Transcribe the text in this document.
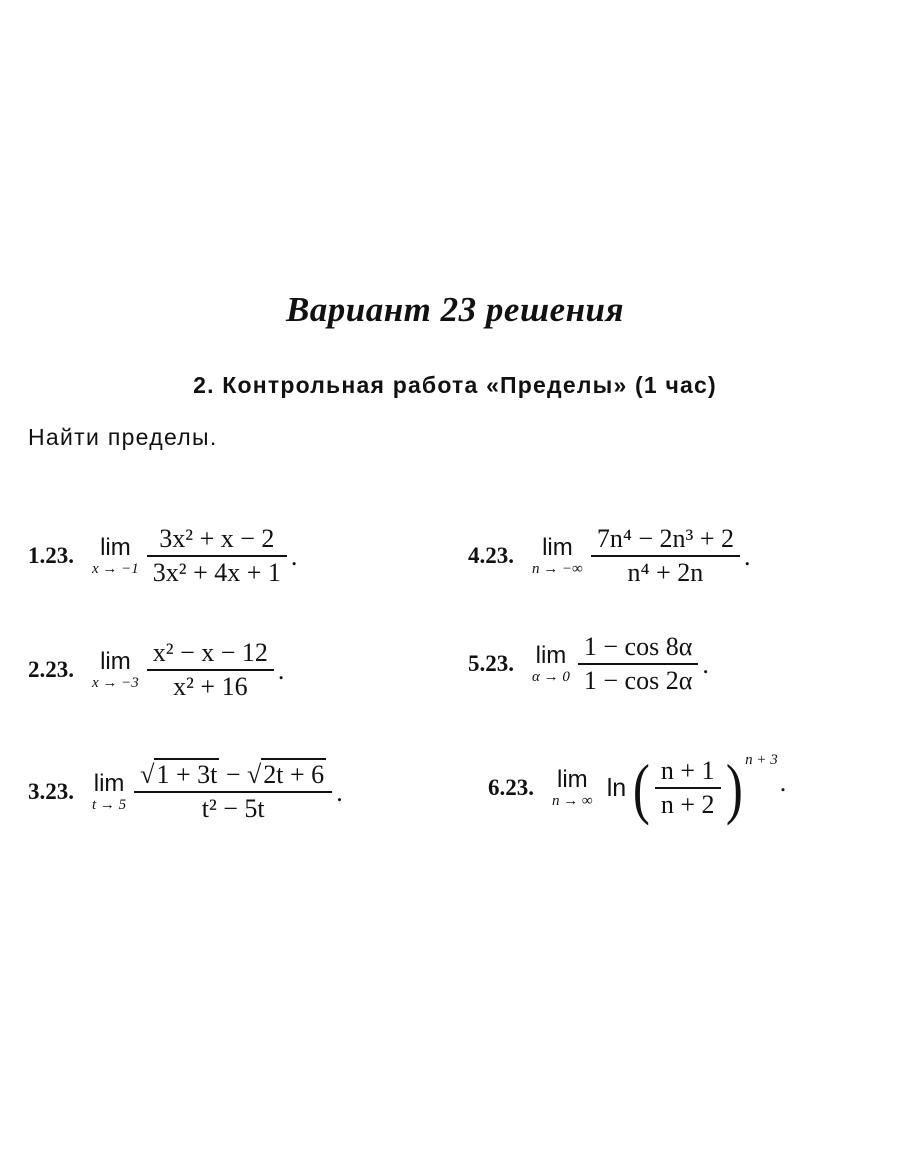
Вариант 23 решения
2. Контрольная работа «Пределы» (1 час)
Найти пределы.
1.23. lim
$x \to -1 \frac{\text{3x² + x − 2}}{\text{3x² + 4x + 1}}$ .
2.23. lim
$x \to -3 \frac{\text{x² − x − 12}}{\text{x² + 16}}$ .
3.23. lim
$t \to 5 \frac{√1 + 3t - √2t + 6}{\text{t² − 5t}}$ .
4.23. lim
n → −∞ $\frac{\text{7n⁴ − 2n³ + 2}}{\text{n⁴ + 2n}}$ .
5.23. lim
$\alpha \to 0 \frac{1 - \cos 8\alpha}{1 - \cos 2\alpha}$ .
6.23. lim
n → ∞ ln ( $\frac{n + 1}{n + 2}$ ) n + 3
.
